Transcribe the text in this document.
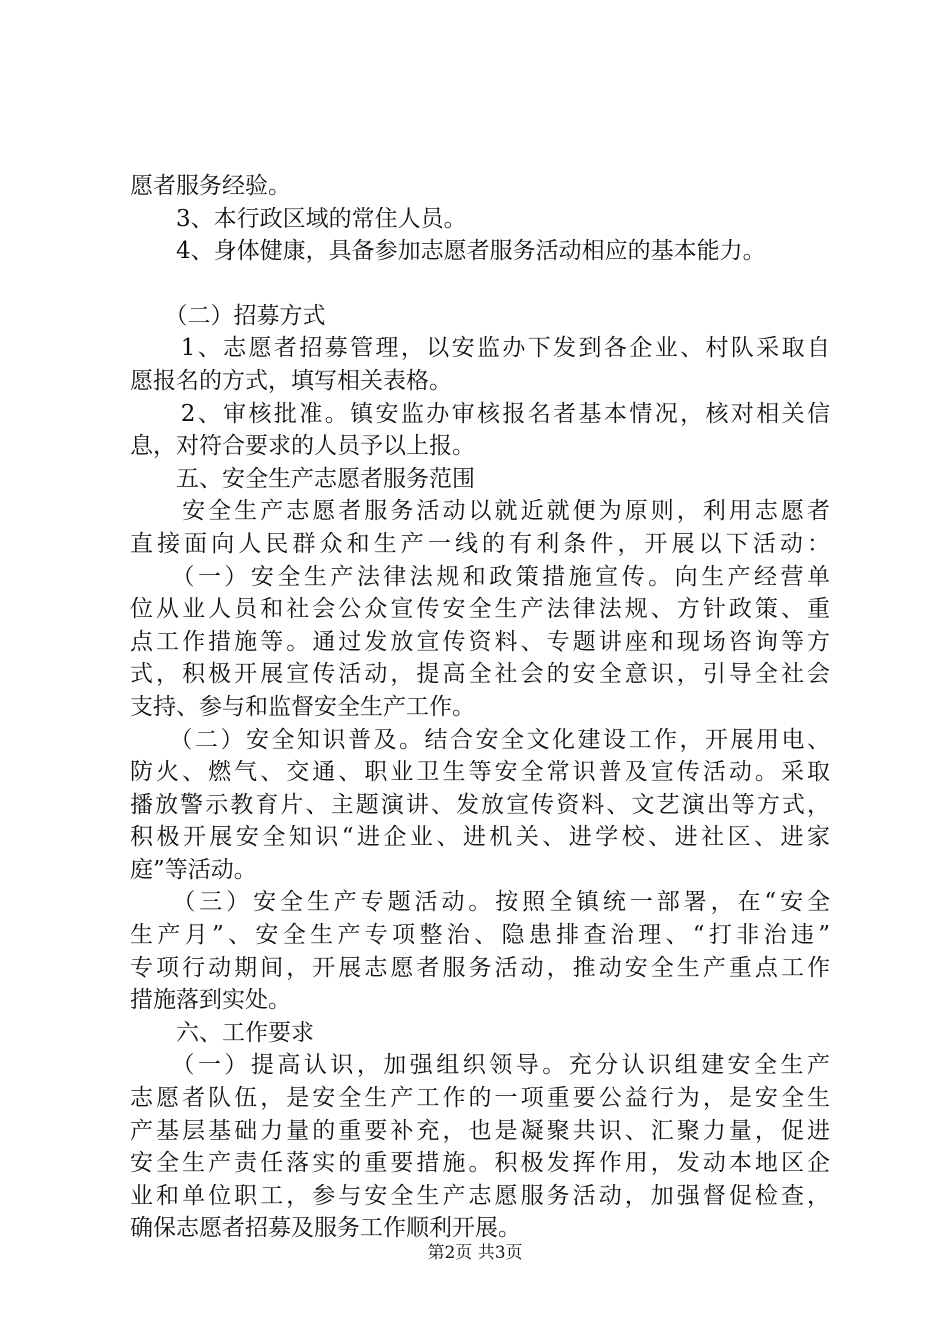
愿者服务经验。
　　3、本行政区域的常住人员。
　　4、身体健康，具备参加志愿者服务活动相应的基本能力。
　　（二）招募方式
　　1、志愿者招募管理，以安监办下发到各企业、村队采取自
愿报名的方式，填写相关表格。
　　2、审核批准。镇安监办审核报名者基本情况，核对相关信
息，对符合要求的人员予以上报。
　　五、安全生产志愿者服务范围
　　安全生产志愿者服务活动以就近就便为原则，利用志愿者
直接面向人民群众和生产一线的有利条件，开展以下活动：
　　（一）安全生产法律法规和政策措施宣传。向生产经营单
位从业人员和社会公众宣传安全生产法律法规、方针政策、重
点工作措施等。通过发放宣传资料、专题讲座和现场咨询等方
式，积极开展宣传活动，提高全社会的安全意识，引导全社会
支持、参与和监督安全生产工作。
　　（二）安全知识普及。结合安全文化建设工作，开展用电、
防火、燃气、交通、职业卫生等安全常识普及宣传活动。采取
播放警示教育片、主题演讲、发放宣传资料、文艺演出等方式，
积极开展安全知识“进企业、进机关、进学校、进社区、进家
庭”等活动。
　　（三）安全生产专题活动。按照全镇统一部署，在“安全
生产月”、安全生产专项整治、隐患排查治理、“打非治违”
专项行动期间，开展志愿者服务活动，推动安全生产重点工作
措施落到实处。
　　六、工作要求
　　（一）提高认识，加强组织领导。充分认识组建安全生产
志愿者队伍，是安全生产工作的一项重要公益行为，是安全生
产基层基础力量的重要补充，也是凝聚共识、汇聚力量，促进
安全生产责任落实的重要措施。积极发挥作用，发动本地区企
业和单位职工，参与安全生产志愿服务活动，加强督促检查，
确保志愿者招募及服务工作顺利开展。
第2页 共3页
